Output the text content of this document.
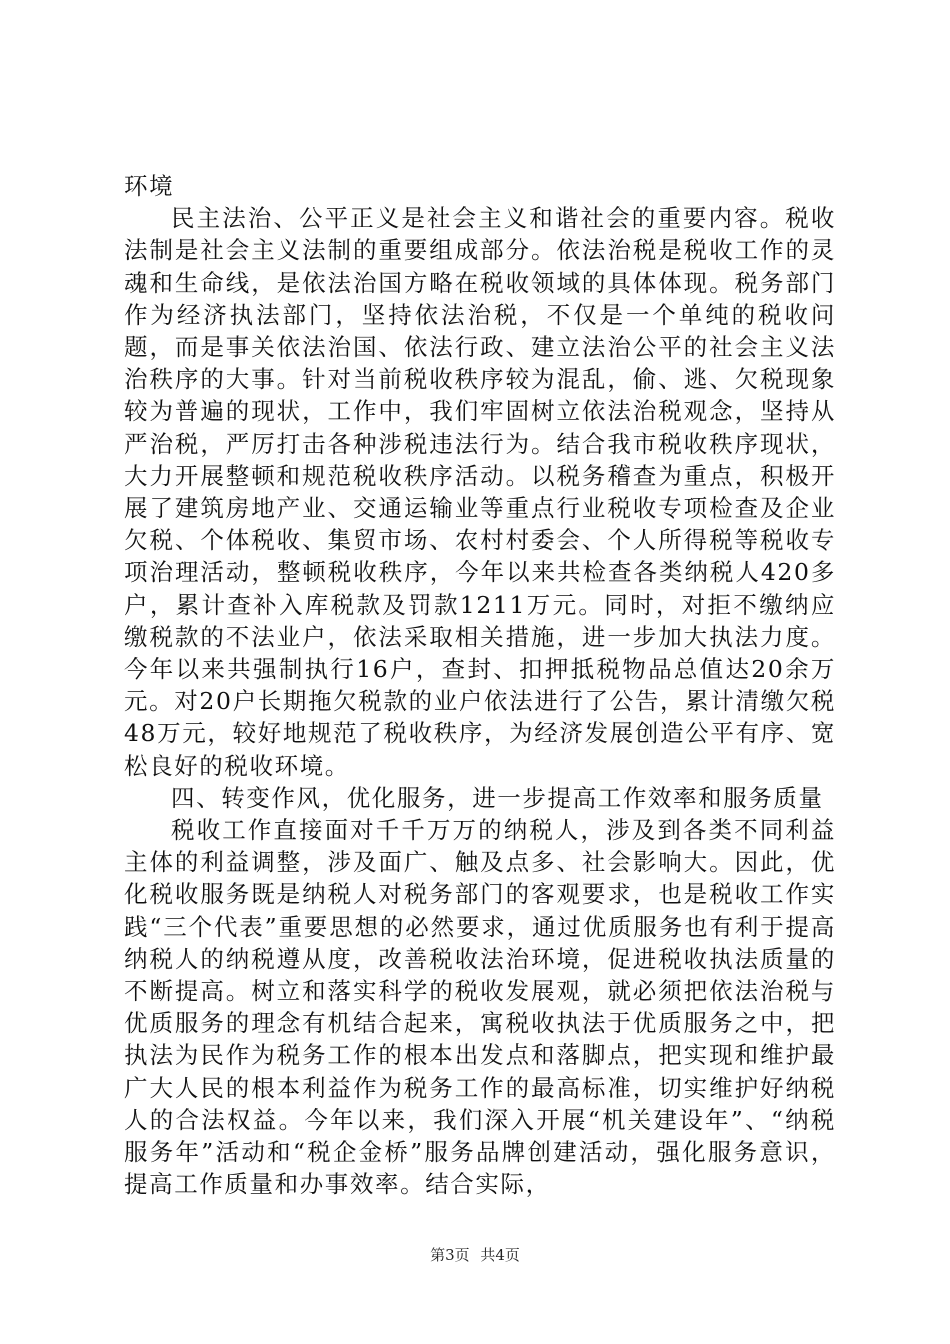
环境

民主法治、公平正义是社会主义和谐社会的重要内容。税收法制是社会主义法制的重要组成部分。依法治税是税收工作的灵魂和生命线，是依法治国方略在税收领域的具体体现。税务部门作为经济执法部门，坚持依法治税，不仅是一个单纯的税收问题，而是事关依法治国、依法行政、建立法治公平的社会主义法治秩序的大事。针对当前税收秩序较为混乱，偷、逃、欠税现象较为普遍的现状，工作中，我们牢固树立依法治税观念，坚持从严治税，严厉打击各种涉税违法行为。结合我市税收秩序现状，大力开展整顿和规范税收秩序活动。以税务稽查为重点，积极开展了建筑房地产业、交通运输业等重点行业税收专项检查及企业欠税、个体税收、集贸市场、农村村委会、个人所得税等税收专项治理活动，整顿税收秩序，今年以来共检查各类纳税人420多户，累计查补入库税款及罚款1211万元。同时，对拒不缴纳应缴税款的不法业户，依法采取相关措施，进一步加大执法力度。今年以来共强制执行16户，查封、扣押抵税物品总值达20余万元。对20户长期拖欠税款的业户依法进行了公告，累计清缴欠税48万元，较好地规范了税收秩序，为经济发展创造公平有序、宽松良好的税收环境。

四、转变作风，优化服务，进一步提高工作效率和服务质量

税收工作直接面对千千万万的纳税人，涉及到各类不同利益主体的利益调整，涉及面广、触及点多、社会影响大。因此，优化税收服务既是纳税人对税务部门的客观要求，也是税收工作实践“三个代表”重要思想的必然要求，通过优质服务也有利于提高纳税人的纳税遵从度，改善税收法治环境，促进税收执法质量的不断提高。树立和落实科学的税收发展观，就必须把依法治税与优质服务的理念有机结合起来，寓税收执法于优质服务之中，把执法为民作为税务工作的根本出发点和落脚点，把实现和维护最广大人民的根本利益作为税务工作的最高标准，切实维护好纳税人的合法权益。今年以来，我们深入开展“机关建设年”、“纳税服务年”活动和“税企金桥”服务品牌创建活动，强化服务意识，提高工作质量和办事效率。结合实际，

第3页 共4页
